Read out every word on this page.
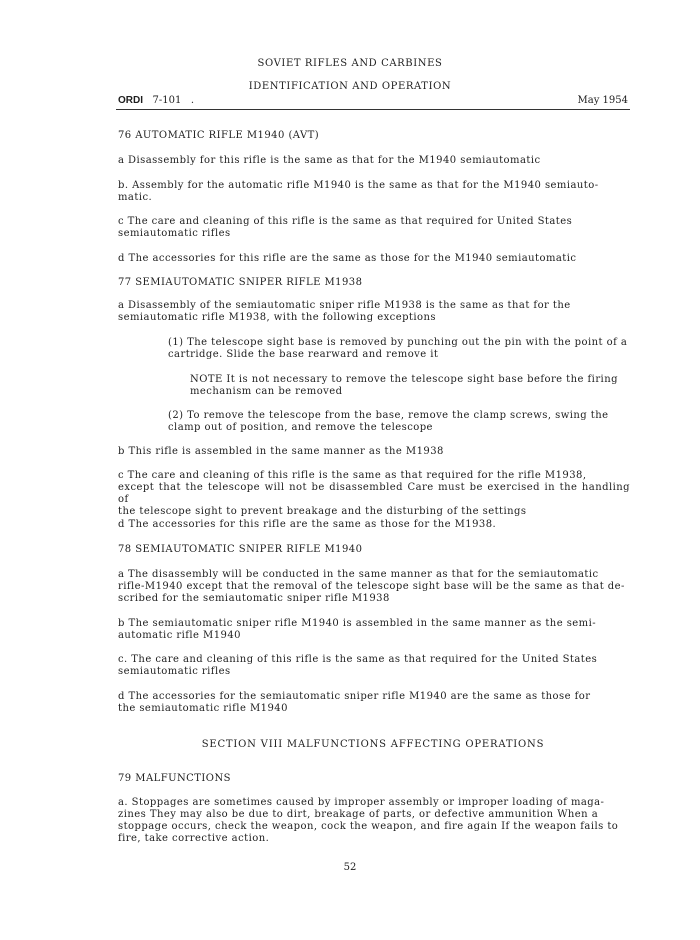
SOVIET RIFLES AND CARBINES
IDENTIFICATION AND OPERATION
ORDI   7-101   .	May 1954
76 AUTOMATIC RIFLE M1940 (AVT)
a Disassembly for this rifle is the same as that for the M1940 semiautomatic
b. Assembly for the automatic rifle M1940 is the same as that for the M1940 semiauto-
matic.
c The care and cleaning of this rifle is the same as that required for United States
semiautomatic rifles
d The accessories for this rifle are the same as those for the M1940 semiautomatic
77 SEMIAUTOMATIC SNIPER RIFLE M1938
a Disassembly of the semiautomatic sniper rifle M1938 is the same as that for the
semiautomatic rifle M1938, with the following exceptions
(1) The telescope sight base is removed by punching out the pin with the point of a
cartridge. Slide the base rearward and remove it
NOTE It is not necessary to remove the telescope sight base before the firing
mechanism can be removed
(2) To remove the telescope from the base, remove the clamp screws, swing the
clamp out of position, and remove the telescope
b This rifle is assembled in the same manner as the M1938
c The care and cleaning of this rifle is the same as that required for the rifle M1938,
except that the telescope will not be disassembled Care must be exercised in the handling of
the telescope sight to prevent breakage and the disturbing of the settings
d The accessories for this rifle are the same as those for the M1938.
78 SEMIAUTOMATIC SNIPER RIFLE M1940
a The disassembly will be conducted in the same manner as that for the semiautomatic
rifle-M1940 except that the removal of the telescope sight base will be the same as that de-
scribed for the semiautomatic sniper rifle M1938
b The semiautomatic sniper rifle M1940 is assembled in the same manner as the semi-
automatic rifle M1940
c. The care and cleaning of this rifle is the same as that required for the United States
semiautomatic rifles
d The accessories for the semiautomatic sniper rifle M1940 are the same as those for
the semiautomatic rifle M1940
SECTION VIII MALFUNCTIONS AFFECTING OPERATIONS
79 MALFUNCTIONS
a. Stoppages are sometimes caused by improper assembly or improper loading of maga-
zines They may also be due to dirt, breakage of parts, or defective ammunition When a
stoppage occurs, check the weapon, cock the weapon, and fire again If the weapon fails to
fire, take corrective action.
52
